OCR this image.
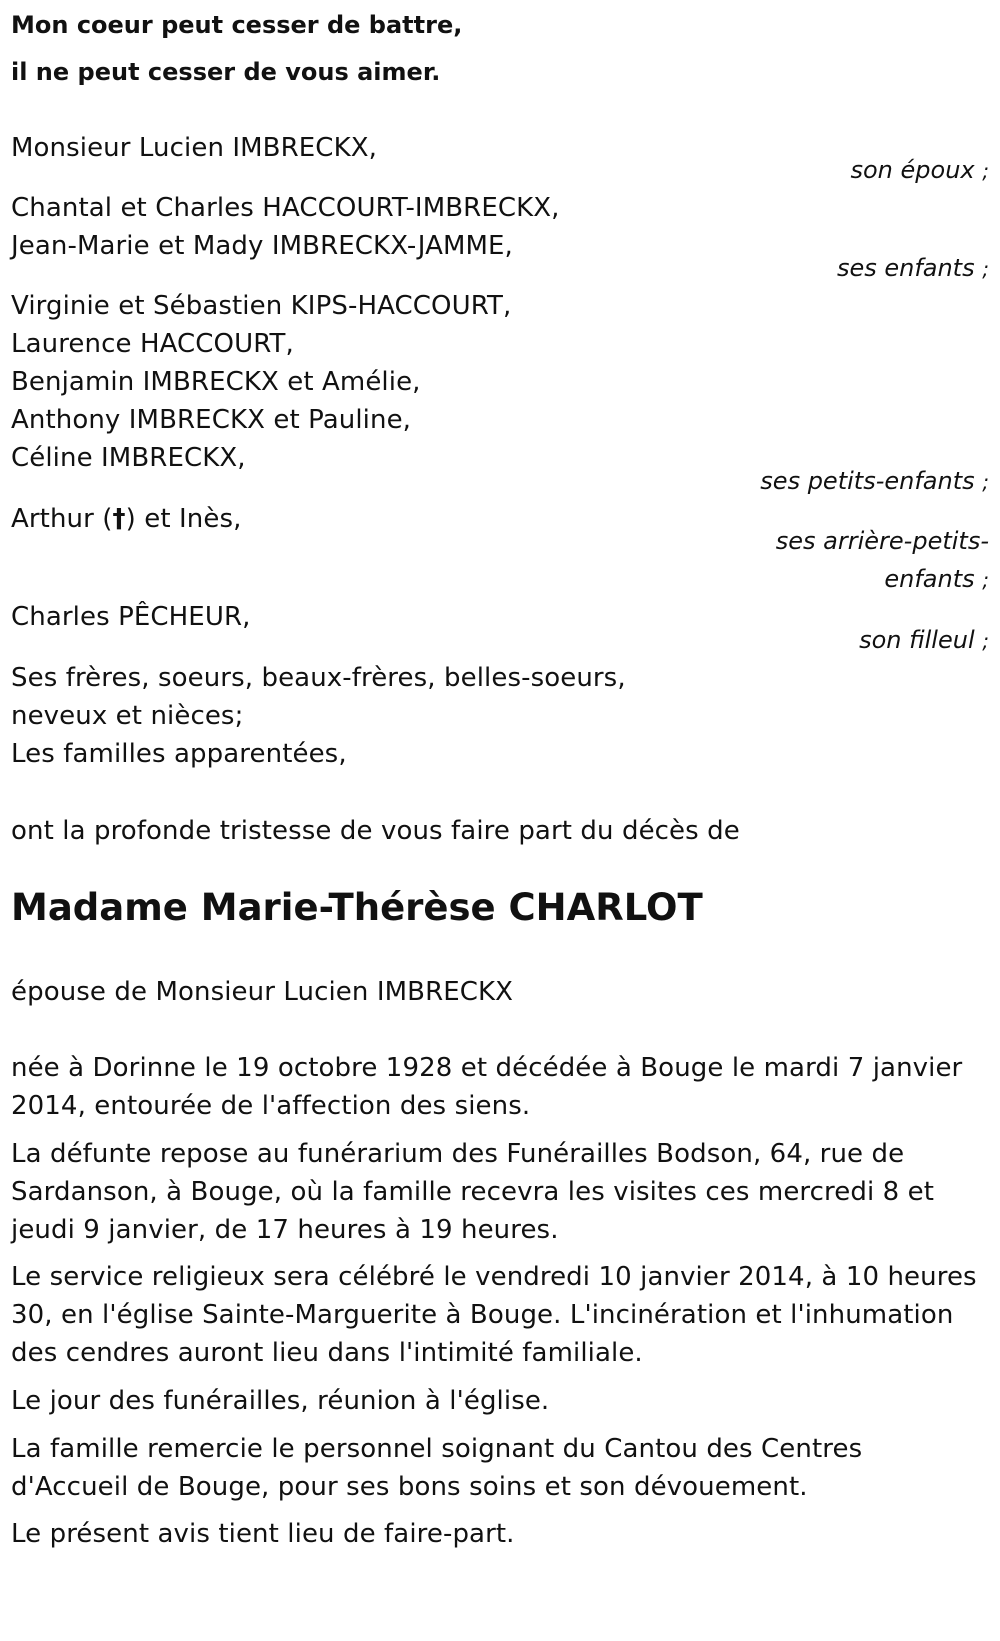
Mon coeur peut cesser de battre,
il ne peut cesser de vous aimer.
Monsieur Lucien IMBRECKX,
son époux ;
Chantal et Charles HACCOURT-IMBRECKX,
Jean-Marie et Mady IMBRECKX-JAMME,
ses enfants ;
Virginie et Sébastien KIPS-HACCOURT,
Laurence HACCOURT,
Benjamin IMBRECKX et Amélie,
Anthony IMBRECKX et Pauline,
Céline IMBRECKX,
ses petits-enfants ;
Arthur (†) et Inès,
ses arrière-petits-
enfants ;
Charles PÊCHEUR,
son filleul ;
Ses frères, soeurs, beaux-frères, belles-soeurs,
neveux et nièces;
Les familles apparentées,
ont la profonde tristesse de vous faire part du décès de
Madame Marie-Thérèse CHARLOT
épouse de Monsieur Lucien IMBRECKX
née à Dorinne le 19 octobre 1928 et décédée à Bouge le mardi 7 janvier
2014, entourée de l'affection des siens.
La défunte repose au funérarium des Funérailles Bodson, 64, rue de
Sardanson, à Bouge, où la famille recevra les visites ces mercredi 8 et
jeudi 9 janvier, de 17 heures à 19 heures.
Le service religieux sera célébré le vendredi 10 janvier 2014, à 10 heures
30, en l'église Sainte-Marguerite à Bouge. L'incinération et l'inhumation
des cendres auront lieu dans l'intimité familiale.
Le jour des funérailles, réunion à l'église.
La famille remercie le personnel soignant du Cantou des Centres
d'Accueil de Bouge, pour ses bons soins et son dévouement.
Le présent avis tient lieu de faire-part.
